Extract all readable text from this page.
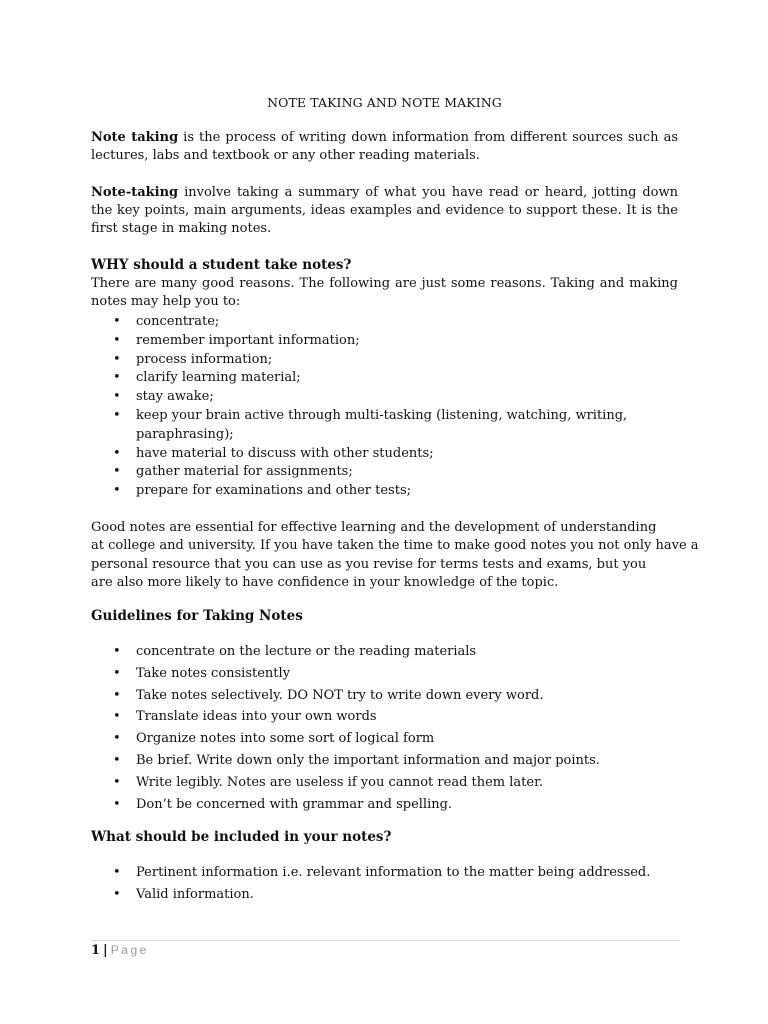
NOTE TAKING AND NOTE MAKING
Note taking is the process of writing down information from different sources such as lectures, labs and textbook or any other reading materials.
Note-taking involve taking a summary of what you have read or heard, jotting down the key points, main arguments, ideas examples and evidence to support these. It is the first stage in making notes.
WHY should a student take notes?
There are many good reasons. The following are just some reasons. Taking and making notes may help you to:
• concentrate;
• remember important information;
• process information;
• clarify learning material;
• stay awake;
• keep your brain active through multi-tasking (listening, watching, writing,
paraphrasing);
• have material to discuss with other students;
• gather material for assignments;
• prepare for examinations and other tests;
Good notes are essential for effective learning and the development of understanding
at college and university. If you have taken the time to make good notes you not only have a
personal resource that you can use as you revise for terms tests and exams, but you
are also more likely to have confidence in your knowledge of the topic.
Guidelines for Taking Notes
• concentrate on the lecture or the reading materials
• Take notes consistently
• Take notes selectively. DO NOT try to write down every word.
• Translate ideas into your own words
• Organize notes into some sort of logical form
• Be brief. Write down only the important information and major points.
• Write legibly. Notes are useless if you cannot read them later.
• Don’t be concerned with grammar and spelling.
What should be included in your notes?
• Pertinent information i.e. relevant information to the matter being addressed.
• Valid information.
1 | Page
